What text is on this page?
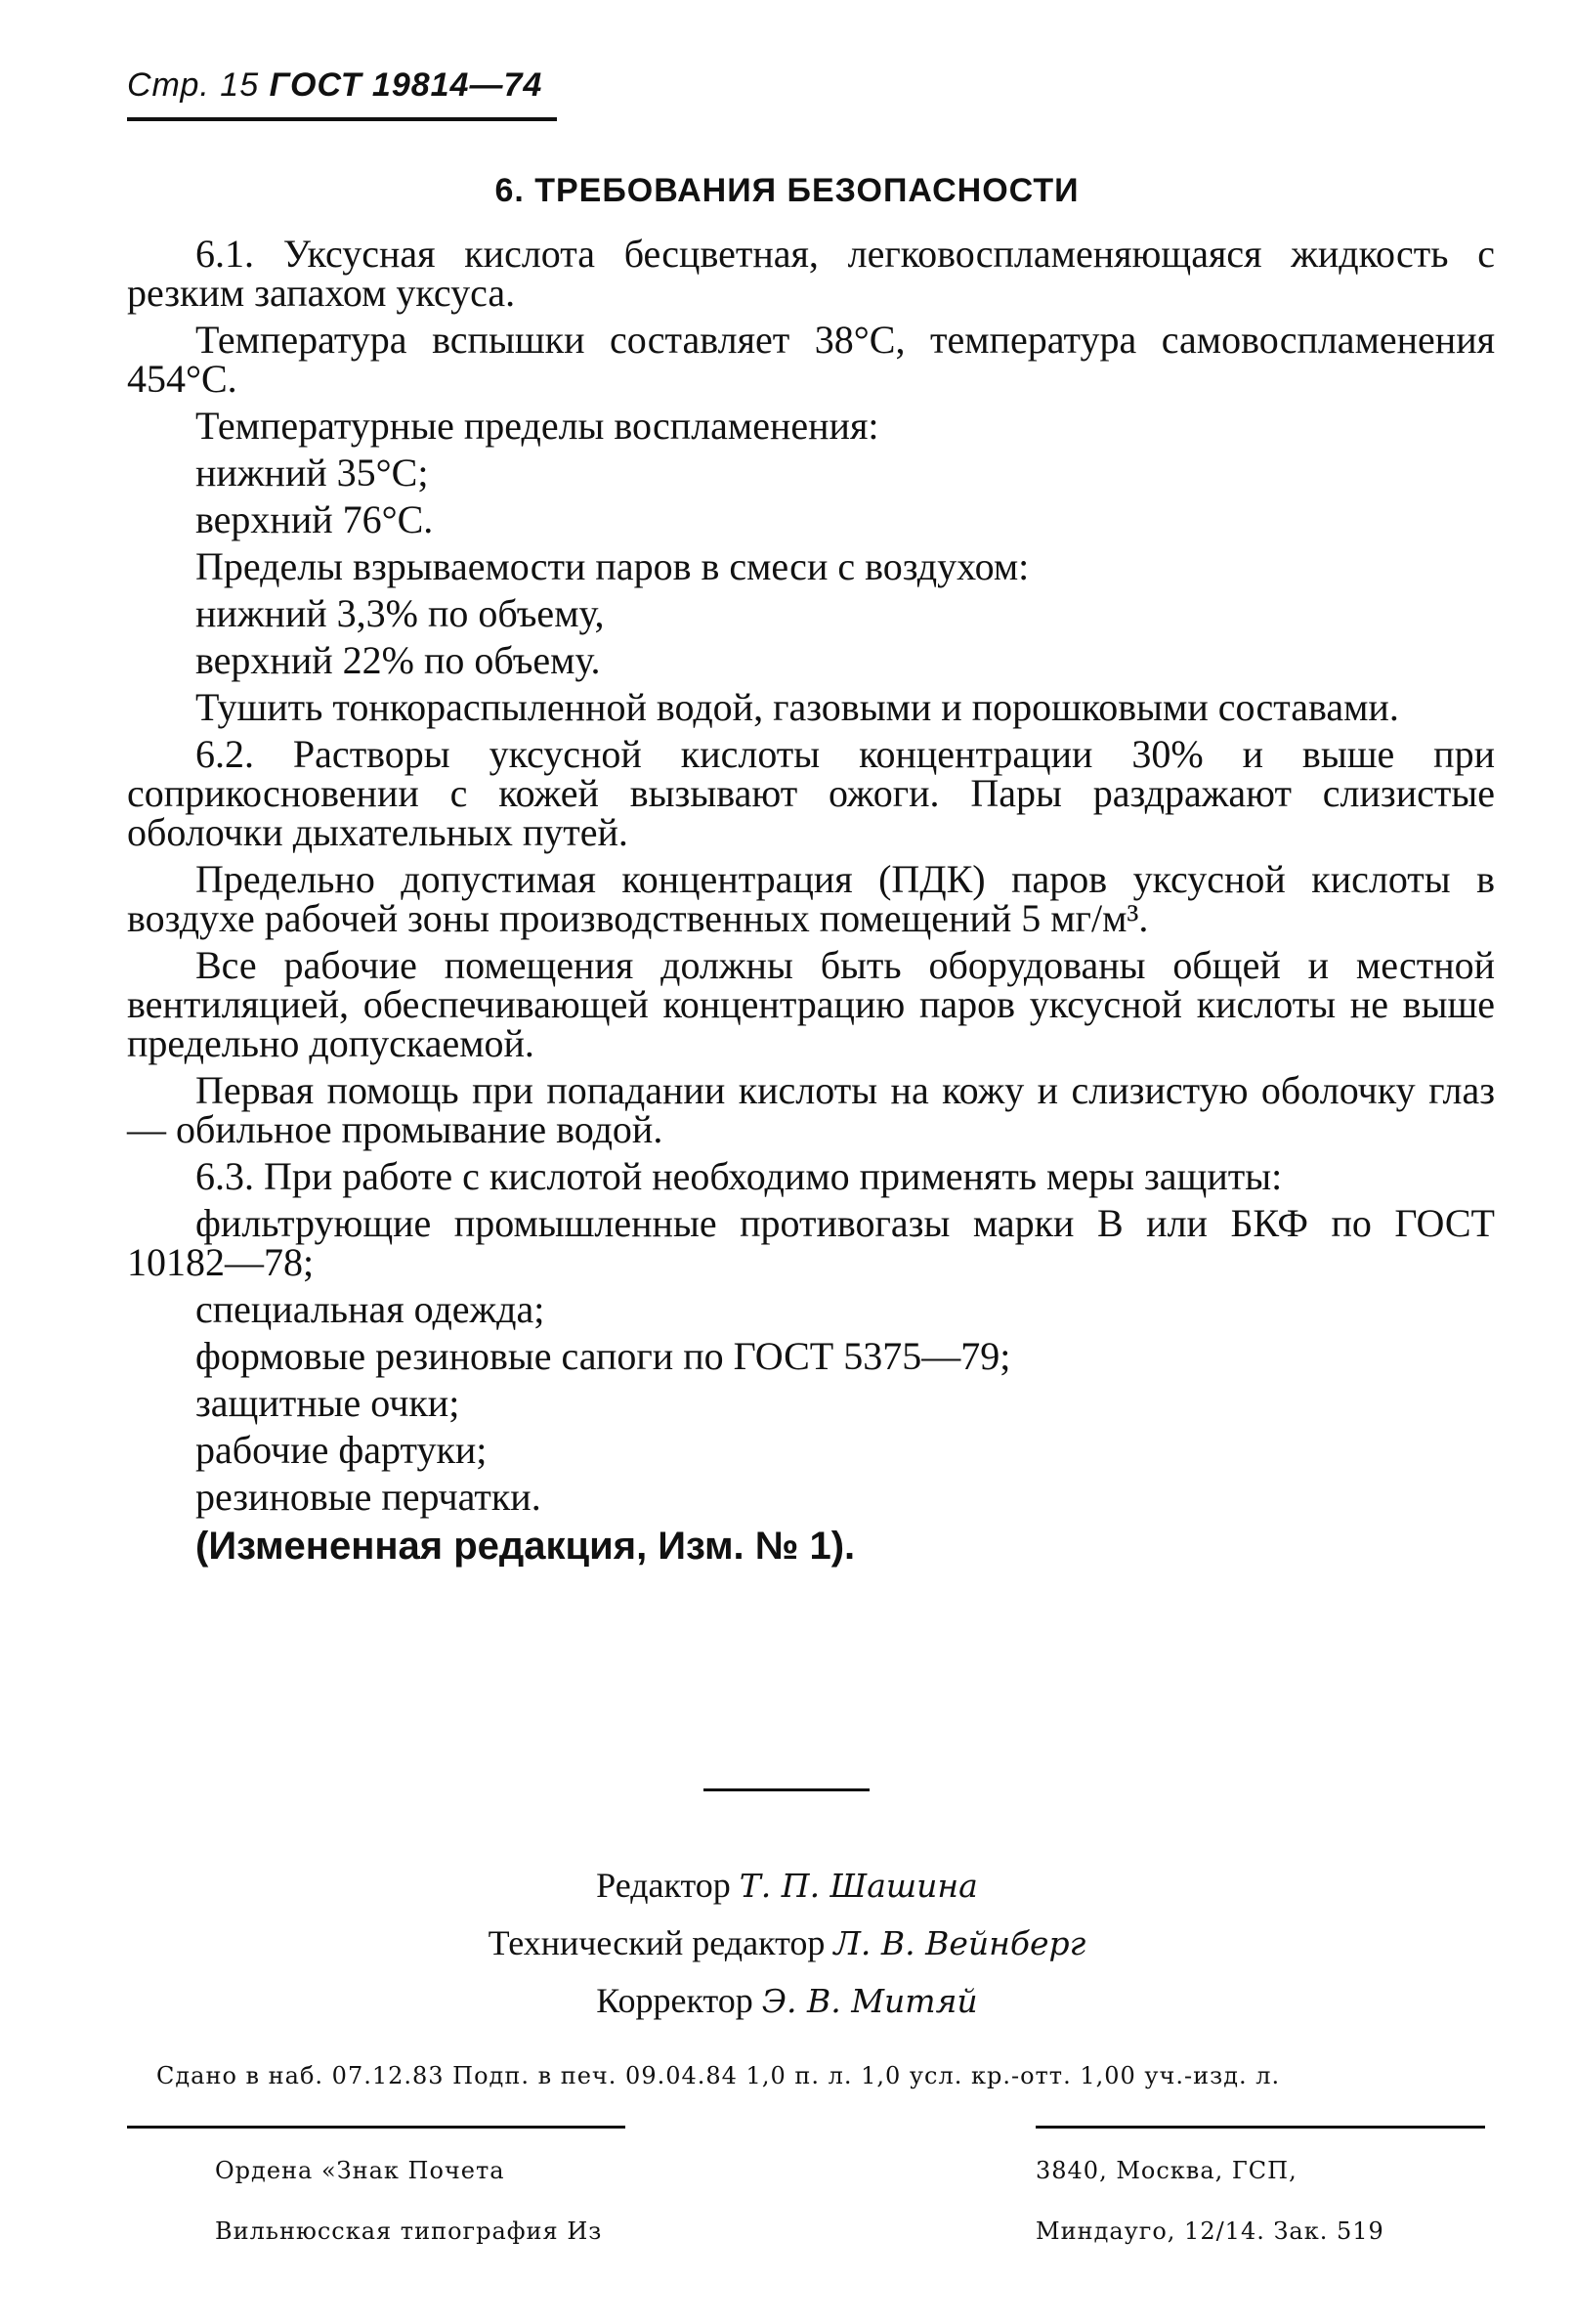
Стр. 15 ГОСТ 19814—74
6. ТРЕБОВАНИЯ БЕЗОПАСНОСТИ

6.1. Уксусная кислота бесцветная, легковоспламеняющаяся жидкость с резким запахом уксуса.

Температура вспышки составляет 38°С, температура самовоспламенения 454°С.

Температурные пределы воспламенения:

нижний 35°С;

верхний 76°С.

Пределы взрываемости паров в смеси с воздухом:

нижний 3,3% по объему,

верхний 22% по объему.

Тушить тонкораспыленной водой, газовыми и порошковыми составами.

6.2. Растворы уксусной кислоты концентрации 30% и выше при соприкосновении с кожей вызывают ожоги. Пары раздражают слизистые оболочки дыхательных путей.

Предельно допустимая концентрация (ПДК) паров уксусной кислоты в воздухе рабочей зоны производственных помещений 5 мг/м³.

Все рабочие помещения должны быть оборудованы общей и местной вентиляцией, обеспечивающей концентрацию паров уксусной кислоты не выше предельно допускаемой.

Первая помощь при попадании кислоты на кожу и слизистую оболочку глаз — обильное промывание водой.

6.3. При работе с кислотой необходимо применять меры защиты:

фильтрующие промышленные противогазы марки В или БКФ по ГОСТ 10182—78;

специальная одежда;

формовые резиновые сапоги по ГОСТ 5375—79;

защитные очки;

рабочие фартуки;

резиновые перчатки.

(Измененная редакция, Изм. № 1).
Редактор Т. П. Шашина
Технический редактор Л. В. Вейнберг
Корректор Э. В. Митяй
Сдано в наб. 07.12.83 Подп. в печ. 09.04.84 1,0 п. л. 1,0 усл. кр.-отт. 1,00 уч.-изд. л.
Ордена «Знак Почета
Вильнюсская типография Из
3840, Москва, ГСП,
Миндауго, 12/14. Зак. 519
